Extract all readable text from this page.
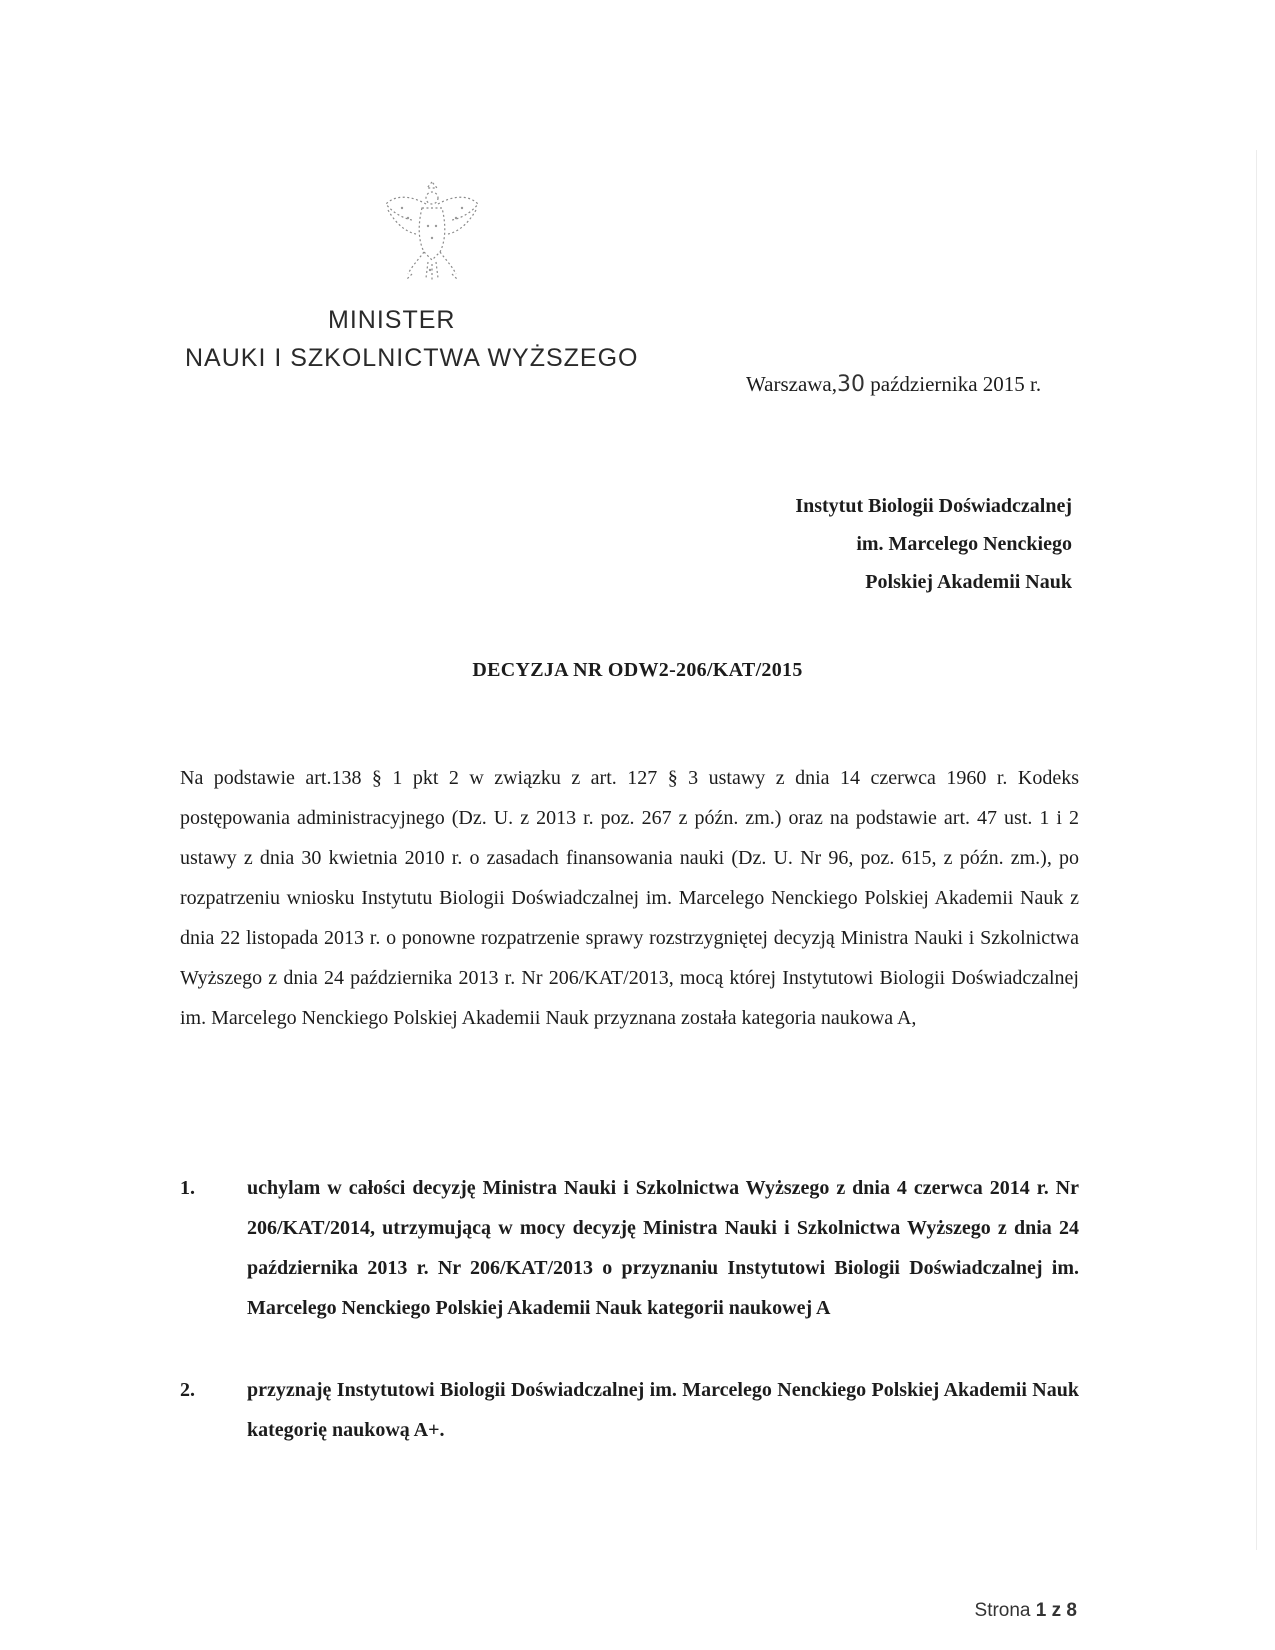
MINISTER
NAUKI I SZKOLNICTWA WYŻSZEGO
Warszawa,30 października 2015 r.
Instytut Biologii Doświadczalnej
im. Marcelego Nenckiego
Polskiej Akademii Nauk
DECYZJA NR ODW2-206/KAT/2015
Na podstawie art.138 § 1 pkt 2 w związku z art. 127 § 3 ustawy z dnia 14 czerwca 1960 r. Kodeks postępowania administracyjnego (Dz. U. z 2013 r. poz. 267 z późn. zm.) oraz na podstawie art. 47 ust. 1 i 2 ustawy z dnia 30 kwietnia 2010 r. o zasadach finansowania nauki (Dz. U. Nr 96, poz. 615, z późn. zm.), po rozpatrzeniu wniosku Instytutu Biologii Doświadczalnej im. Marcelego Nenckiego Polskiej Akademii Nauk z dnia 22 listopada 2013 r. o ponowne rozpatrzenie sprawy rozstrzygniętej decyzją Ministra Nauki i Szkolnictwa Wyższego z dnia 24 października 2013 r. Nr 206/KAT/2013, mocą której Instytutowi Biologii Doświadczalnej im. Marcelego Nenckiego Polskiej Akademii Nauk przyznana została kategoria naukowa A,
1.	uchylam w całości decyzję Ministra Nauki i Szkolnictwa Wyższego z dnia 4 czerwca 2014 r. Nr 206/KAT/2014, utrzymującą w mocy decyzję Ministra Nauki i Szkolnictwa Wyższego z dnia 24 października 2013 r. Nr 206/KAT/2013 o przyznaniu Instytutowi Biologii Doświadczalnej im. Marcelego Nenckiego Polskiej Akademii Nauk kategorii naukowej A
2.	przyznaję Instytutowi Biologii Doświadczalnej im. Marcelego Nenckiego Polskiej Akademii Nauk kategorię naukową A+.
Strona 1 z 8
